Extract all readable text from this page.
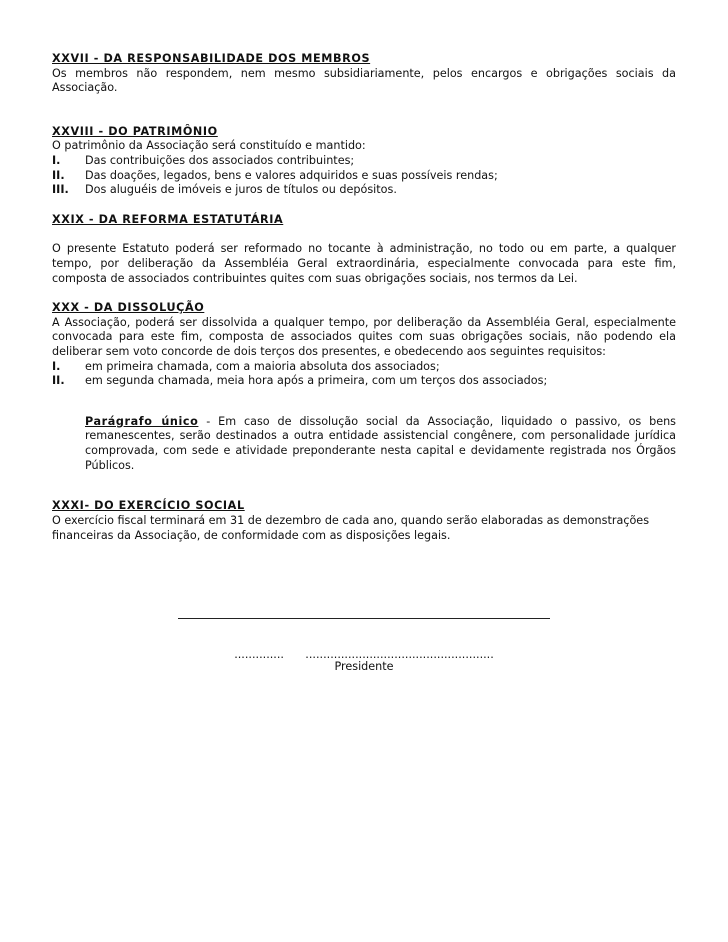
XXVII - DA RESPONSABILIDADE DOS MEMBROS

Os membros não respondem, nem mesmo subsidiariamente, pelos encargos e obrigações sociais da Associação.

XXVIII - DO PATRIMÔNIO

O patrimônio da Associação será constituído e mantido:

I.	Das contribuições dos associados contribuintes;
II.	Das doações, legados, bens e valores adquiridos e suas possíveis rendas;
III.	Dos aluguéis de imóveis e juros de títulos ou depósitos.

XXIX - DA REFORMA ESTATUTÁRIA

O presente Estatuto poderá ser reformado no tocante à administração, no todo ou em parte, a qualquer tempo, por deliberação da Assembléia Geral extraordinária, especialmente convocada para este fim, composta de associados contribuintes quites com suas obrigações sociais, nos termos da Lei.

XXX - DA DISSOLUÇÃO

A Associação, poderá ser dissolvida a qualquer tempo, por deliberação da Assembléia Geral, especialmente convocada para este fim, composta de associados quites com suas obrigações sociais, não podendo ela deliberar sem voto concorde de dois terços dos presentes, e obedecendo aos seguintes requisitos:

I.	em primeira chamada, com a maioria absoluta dos associados;
II.	em segunda chamada, meia hora após a primeira, com um terços dos associados;

Parágrafo único - Em caso de dissolução social da Associação, liquidado o passivo, os bens remanescentes, serão destinados a outra entidade assistencial congênere, com personalidade jurídica comprovada, com sede e atividade preponderante nesta capital e devidamente registrada nos Órgãos Públicos.

XXXI- DO EXERCÍCIO SOCIAL

O exercício fiscal terminará em 31 de dezembro de cada ano, quando serão elaboradas as demonstrações financeiras da Associação, de conformidade com as disposições legais.

..............      .....................................................
Presidente
